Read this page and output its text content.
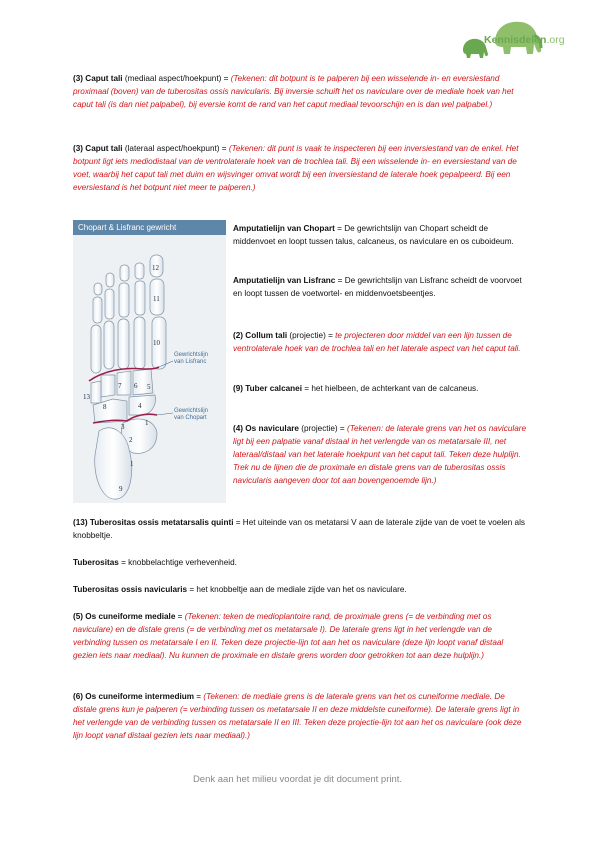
Kennisdelen.org

(3) Caput tali (mediaal aspect/hoekpunt) = (Tekenen: dit botpunt is te palperen bij een wisselende in- en eversiestand proximaal (boven) van de tuberositas ossis navicularis. Bij inversie schuift het os naviculare over de mediale hoek van het caput tali (is dan niet palpabel), bij eversie komt de rand van het caput mediaal tevoorschijn en is dan wel palpabel.)

(3) Caput tali (lateraal aspect/hoekpunt) = (Tekenen: dit punt is vaak te inspecteren bij een inversiestand van de enkel. Het botpunt ligt iets mediodistaal van de ventrolaterale hoek van de trochlea tali. Bij een wisselende in- en eversiestand van de voet, waarbij het caput tali met duim en wijsvinger omvat wordt bij een inversiestand de laterale hoek gepalpeerd. Bij een eversiestand is het botpunt niet meer te palperen.)

Chopart & Lisfranc gewricht
12
11
10
7 6 5
13
8	4
1
3
2
1
9
Gewrichtslijn
van Lisfranc
Gewrichtslijn
van Chopart

Amputatielijn van Chopart = De gewrichtslijn van Chopart scheidt de middenvoet en loopt tussen talus, calcaneus, os naviculare en os cuboideum.

Amputatielijn van Lisfranc = De gewrichtslijn van Lisfranc scheidt de voorvoet en loopt tussen de voetwortel- en middenvoetsbeentjes.

(2) Collum tali (projectie) = te projecteren door middel van een lijn tussen de ventrolaterale hoek van de trochlea tali en het laterale aspect van het caput tali.

(9) Tuber calcanei = het hielbeen, de achterkant van de calcaneus.

(4) Os naviculare (projectie) = (Tekenen: de laterale grens van het os naviculare ligt bij een palpatie vanaf distaal in het verlengde van os metatarsale III, net lateraal/distaal van het laterale hoekpunt van het caput tali. Teken deze hulplijn. Trek nu de lijnen die de proximale en distale grens van de tuberositas ossis navicularis aangeven door tot aan bovengenoemde lijn.)

(13) Tuberositas ossis metatarsalis quinti = Het uiteinde van os metatarsi V aan de laterale zijde van de voet te voelen als knobbeltje.

Tuberositas = knobbelachtige verhevenheid.

Tuberositas ossis navicularis = het knobbeltje aan de mediale zijde van het os naviculare.

(5) Os cuneiforme mediale = (Tekenen: teken de medioplantoire rand, de proximale grens (= de verbinding met os naviculare) en de distale grens (= de verbinding met os metatarsale I). De laterale grens ligt in het verlengde van de verbinding tussen os metatarsale I en II. Teken deze projectie-lijn tot aan het os naviculare (deze lijn loopt vanaf distaal gezien iets naar mediaal). Nu kunnen de proximale en distale grens worden door getrokken tot aan deze hulplijn.)

(6) Os cuneiforme intermedium = (Tekenen: de mediale grens is de laterale grens van het os cuneiforme mediale. De distale grens kun je palperen (= verbinding tussen os metatarsale II en deze middelste cuneiforme). De laterale grens ligt in het verlengde van de verbinding tussen os metatarsale II en III. Teken deze projectie-lijn tot aan het os naviculare (ook deze lijn loopt vanaf distaal gezien iets naar mediaal).)

Denk aan het milieu voordat je dit document print.
